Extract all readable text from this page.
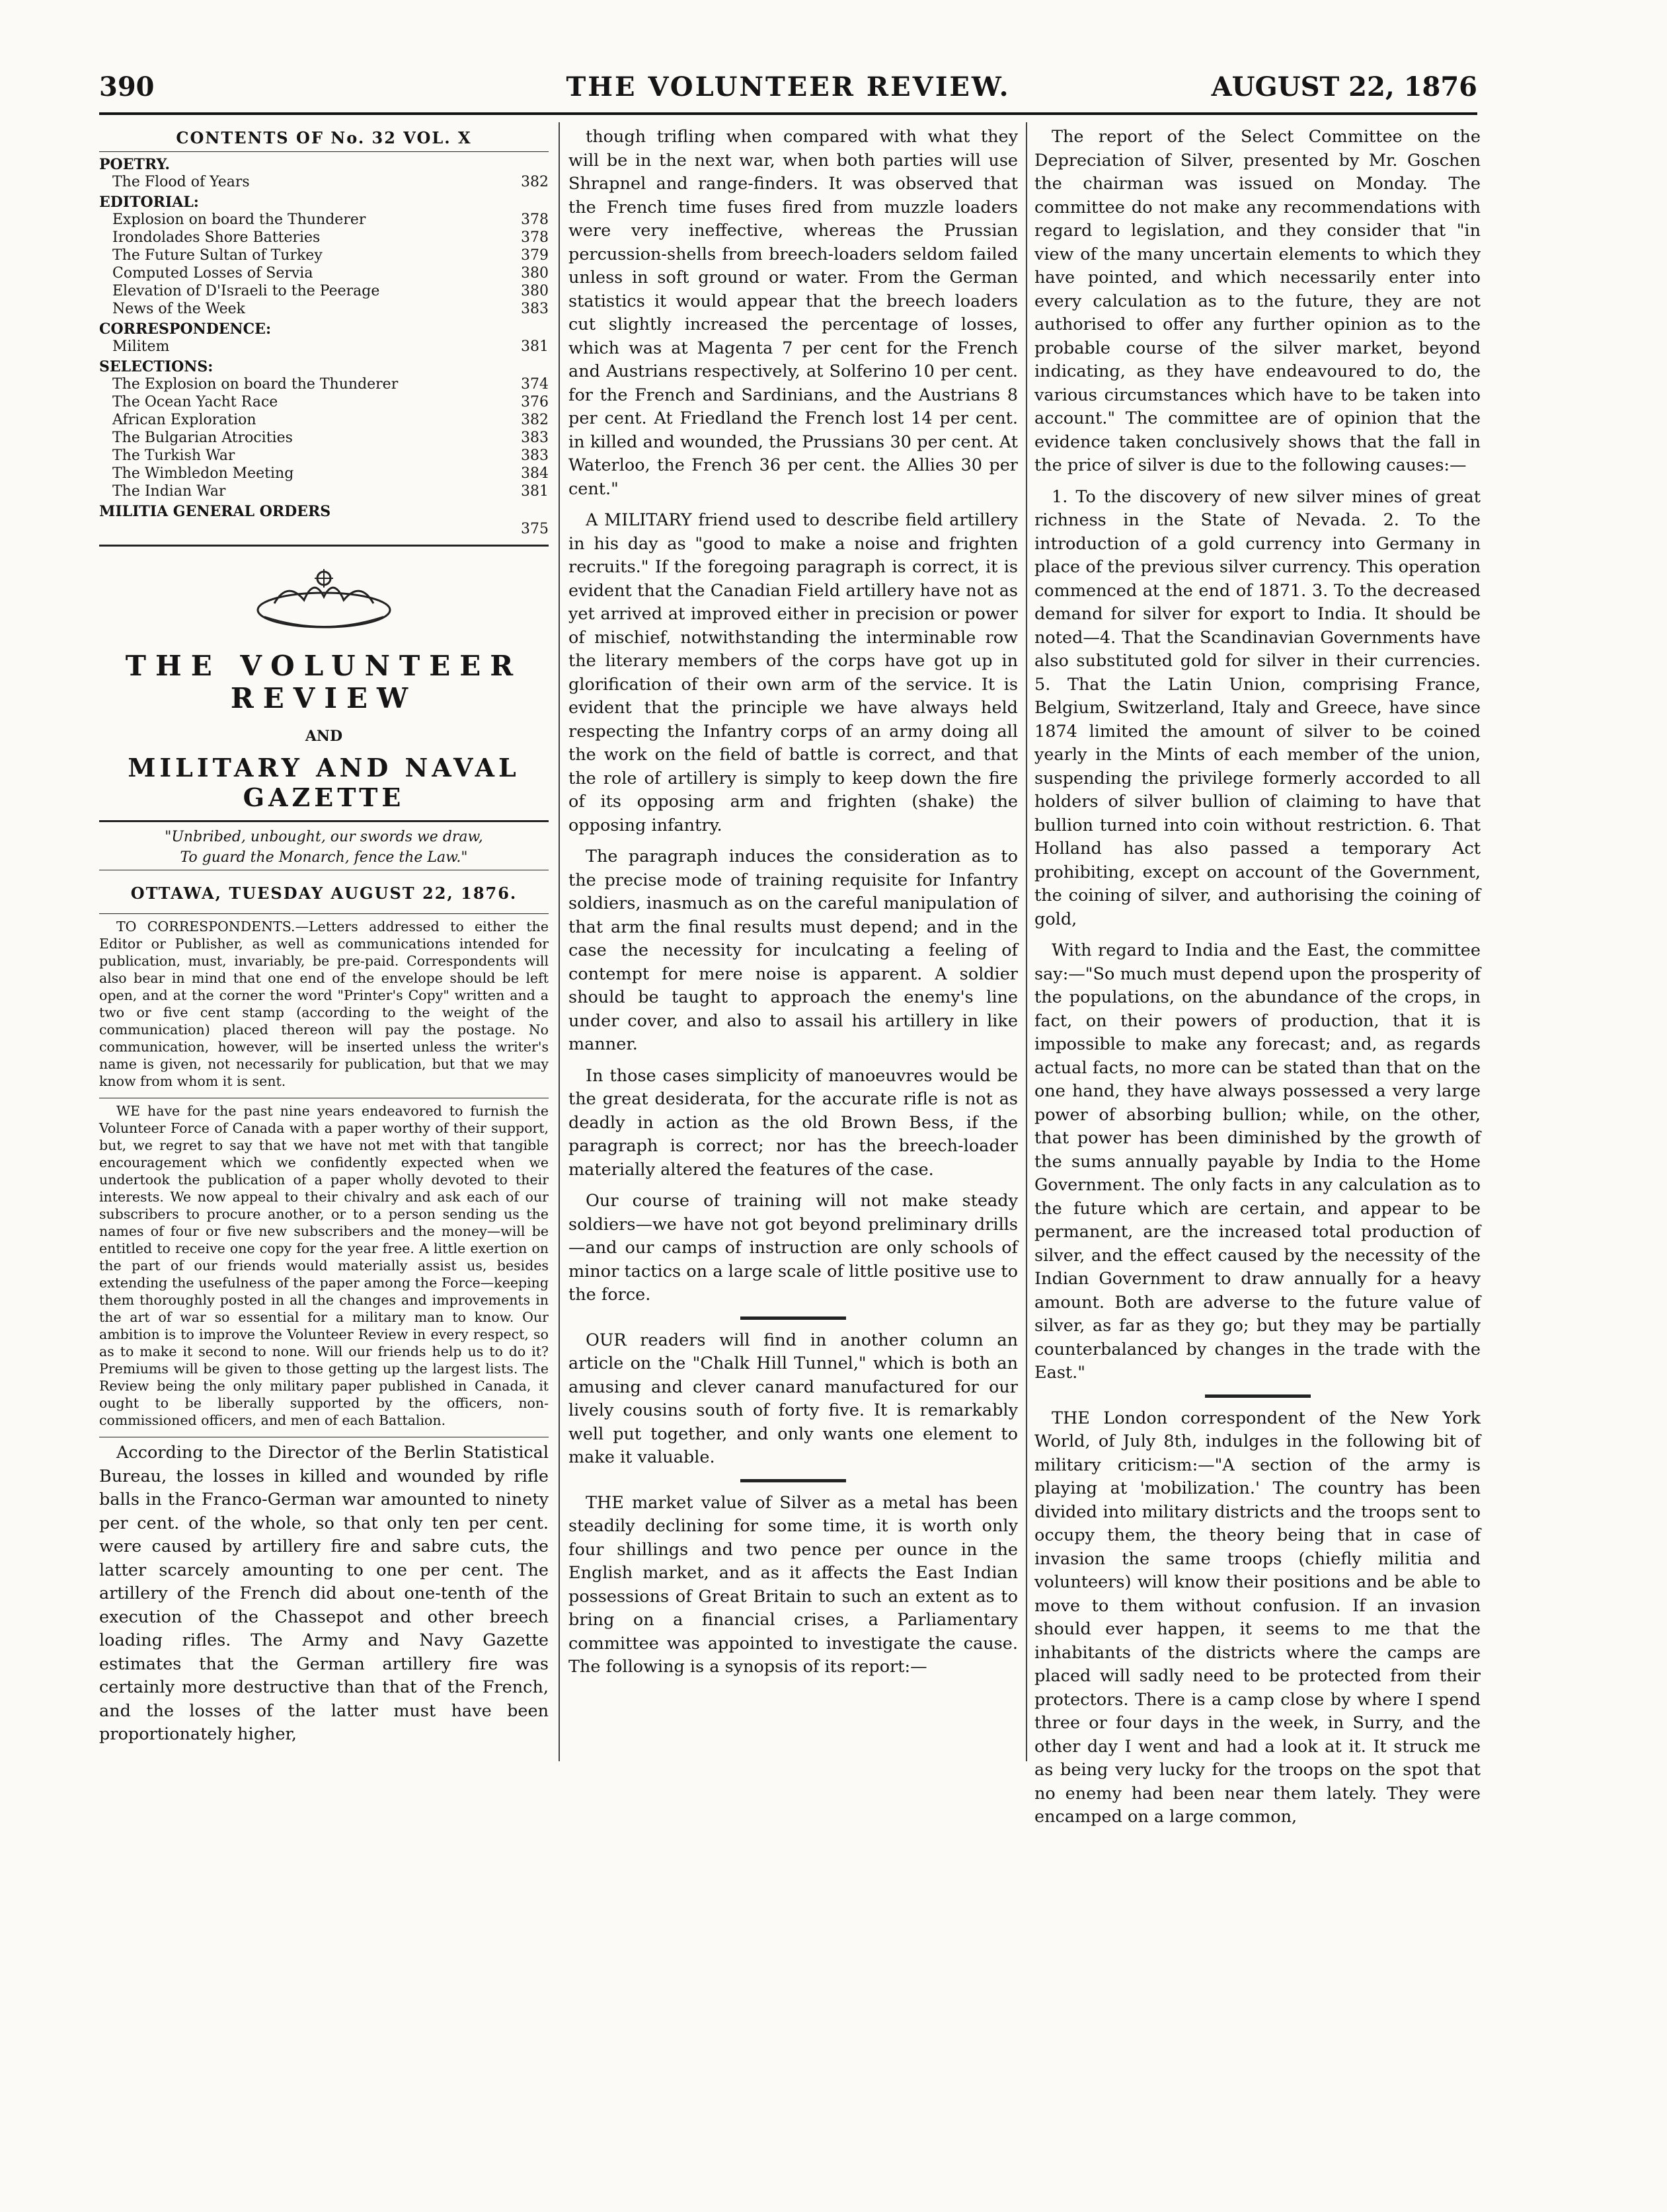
390	THE VOLUNTEER REVIEW.	AUGUST 22, 1876
CONTENTS OF No. 32 VOL. X
POETRY.
The Flood of Years	382
EDITORIAL:
Explosion on board the Thunderer	378
Irondolades Shore Batteries	378
The Future Sultan of Turkey	379
Computed Losses of Servia	380
Elevation of D'Israeli to the Peerage	380
News of the Week	383
CORRESPONDENCE:
Militem	381
SELECTIONS:
The Explosion on board the Thunderer	374
The Ocean Yacht Race	376
African Exploration	382
The Bulgarian Atrocities	383
The Turkish War	383
The Wimbledon Meeting	384
The Indian War	381
MILITIA GENERAL ORDERS
375
THE VOLUNTEER REVIEW
AND
MILITARY AND NAVAL GAZETTE
"Unbribed, unbought, our swords we draw,
To guard the Monarch, fence the Law."
OTTAWA, TUESDAY AUGUST 22, 1876.

TO CORRESPONDENTS.—Letters addressed to either the Editor or Publisher, as well as communications intended for publication, must, invariably, be pre-paid. Correspondents will also bear in mind that one end of the envelope should be left open, and at the corner the word "Printer's Copy" written and a two or five cent stamp (according to the weight of the communication) placed thereon will pay the postage. No communication, however, will be inserted unless the writer's name is given, not necessarily for publication, but that we may know from whom it is sent.

WE have for the past nine years endeavored to furnish the Volunteer Force of Canada with a paper worthy of their support, but, we regret to say that we have not met with that tangible encouragement which we confidently expected when we undertook the publication of a paper wholly devoted to their interests. We now appeal to their chivalry and ask each of our subscribers to procure another, or to a person sending us the names of four or five new subscribers and the money—will be entitled to receive one copy for the year free. A little exertion on the part of our friends would materially assist us, besides extending the usefulness of the paper among the Force—keeping them thoroughly posted in all the changes and improvements in the art of war so essential for a military man to know. Our ambition is to improve the Volunteer Review in every respect, so as to make it second to none. Will our friends help us to do it? Premiums will be given to those getting up the largest lists. The Review being the only military paper published in Canada, it ought to be liberally supported by the officers, non-commissioned officers, and men of each Battalion.

According to the Director of the Berlin Statistical Bureau, the losses in killed and wounded by rifle balls in the Franco-German war amounted to ninety per cent. of the whole, so that only ten per cent. were caused by artillery fire and sabre cuts, the latter scarcely amounting to one per cent. The artillery of the French did about one-tenth of the execution of the Chassepot and other breech loading rifles. The Army and Navy Gazette estimates that the German artillery fire was certainly more destructive than that of the French, and the losses of the latter must have been proportionately higher,

though trifling when compared with what they will be in the next war, when both parties will use Shrapnel and range-finders. It was observed that the French time fuses fired from muzzle loaders were very ineffective, whereas the Prussian percussion-shells from breech-loaders seldom failed unless in soft ground or water. From the German statistics it would appear that the breech loaders cut slightly increased the percentage of losses, which was at Magenta 7 per cent for the French and Austrians respectively, at Solferino 10 per cent. for the French and Sardinians, and the Austrians 8 per cent. At Friedland the French lost 14 per cent. in killed and wounded, the Prussians 30 per cent. At Waterloo, the French 36 per cent. the Allies 30 per cent."

A MILITARY friend used to describe field artillery in his day as "good to make a noise and frighten recruits." If the foregoing paragraph is correct, it is evident that the Canadian Field artillery have not as yet arrived at improved either in precision or power of mischief, notwithstanding the interminable row the literary members of the corps have got up in glorification of their own arm of the service. It is evident that the principle we have always held respecting the Infantry corps of an army doing all the work on the field of battle is correct, and that the role of artillery is simply to keep down the fire of its opposing arm and frighten (shake) the opposing infantry.

The paragraph induces the consideration as to the precise mode of training requisite for Infantry soldiers, inasmuch as on the careful manipulation of that arm the final results must depend; and in the case the necessity for inculcating a feeling of contempt for mere noise is apparent. A soldier should be taught to approach the enemy's line under cover, and also to assail his artillery in like manner.

In those cases simplicity of manoeuvres would be the great desiderata, for the accurate rifle is not as deadly in action as the old Brown Bess, if the paragraph is correct; nor has the breech-loader materially altered the features of the case.

Our course of training will not make steady soldiers—we have not got beyond preliminary drills—and our camps of instruction are only schools of minor tactics on a large scale of little positive use to the force.

OUR readers will find in another column an article on the "Chalk Hill Tunnel," which is both an amusing and clever canard manufactured for our lively cousins south of forty five. It is remarkably well put together, and only wants one element to make it valuable.

THE market value of Silver as a metal has been steadily declining for some time, it is worth only four shillings and two pence per ounce in the English market, and as it affects the East Indian possessions of Great Britain to such an extent as to bring on a financial crises, a Parliamentary committee was appointed to investigate the cause. The following is a synopsis of its report:—

The report of the Select Committee on the Depreciation of Silver, presented by Mr. Goschen the chairman was issued on Monday. The committee do not make any recommendations with regard to legislation, and they consider that "in view of the many uncertain elements to which they have pointed, and which necessarily enter into every calculation as to the future, they are not authorised to offer any further opinion as to the probable course of the silver market, beyond indicating, as they have endeavoured to do, the various circumstances which have to be taken into account." The committee are of opinion that the evidence taken conclusively shows that the fall in the price of silver is due to the following causes:—

1. To the discovery of new silver mines of great richness in the State of Nevada. 2. To the introduction of a gold currency into Germany in place of the previous silver currency. This operation commenced at the end of 1871. 3. To the decreased demand for silver for export to India. It should be noted—4. That the Scandinavian Governments have also substituted gold for silver in their currencies. 5. That the Latin Union, comprising France, Belgium, Switzerland, Italy and Greece, have since 1874 limited the amount of silver to be coined yearly in the Mints of each member of the union, suspending the privilege formerly accorded to all holders of silver bullion of claiming to have that bullion turned into coin without restriction. 6. That Holland has also passed a temporary Act prohibiting, except on account of the Government, the coining of silver, and authorising the coining of gold,

With regard to India and the East, the committee say:—"So much must depend upon the prosperity of the populations, on the abundance of the crops, in fact, on their powers of production, that it is impossible to make any forecast; and, as regards actual facts, no more can be stated than that on the one hand, they have always possessed a very large power of absorbing bullion; while, on the other, that power has been diminished by the growth of the sums annually payable by India to the Home Government. The only facts in any calculation as to the future which are certain, and appear to be permanent, are the increased total production of silver, and the effect caused by the necessity of the Indian Government to draw annually for a heavy amount. Both are adverse to the future value of silver, as far as they go; but they may be partially counterbalanced by changes in the trade with the East."

THE London correspondent of the New York World, of July 8th, indulges in the following bit of military criticism:—"A section of the army is playing at 'mobilization.' The country has been divided into military districts and the troops sent to occupy them, the theory being that in case of invasion the same troops (chiefly militia and volunteers) will know their positions and be able to move to them without confusion. If an invasion should ever happen, it seems to me that the inhabitants of the districts where the camps are placed will sadly need to be protected from their protectors. There is a camp close by where I spend three or four days in the week, in Surry, and the other day I went and had a look at it. It struck me as being very lucky for the troops on the spot that no enemy had been near them lately. They were encamped on a large common,
